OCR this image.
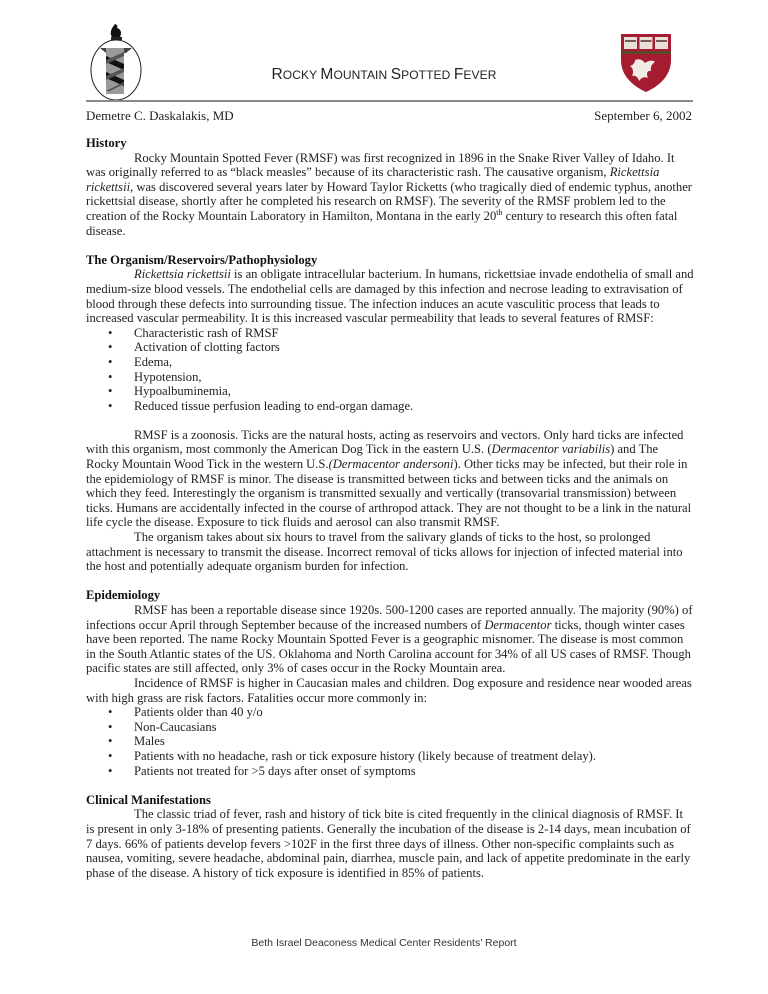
ROCKY MOUNTAIN SPOTTED FEVER
Demetre C. Daskalakis, MD	September 6, 2002
History

Rocky Mountain Spotted Fever (RMSF) was first recognized in 1896 in the Snake River Valley of Idaho. It was originally referred to as “black measles” because of its characteristic rash. The causative organism, Rickettsia rickettsii, was discovered several years later by Howard Taylor Ricketts (who tragically died of endemic typhus, another rickettsial disease, shortly after he completed his research on RMSF). The severity of the RMSF problem led to the creation of the Rocky Mountain Laboratory in Hamilton, Montana in the early 20th century to research this often fatal disease.

The Organism/Reservoirs/Pathophysiology

Rickettsia rickettsii is an obligate intracellular bacterium. In humans, rickettsiae invade endothelia of small and medium-size blood vessels. The endothelial cells are damaged by this infection and necrose leading to extravisation of blood through these defects into surrounding tissue. The infection induces an acute vasculitic process that leads to increased vascular permeability. It is this increased vascular permeability that leads to several features of RMSF:

• Characteristic rash of RMSF
• Activation of clotting factors
• Edema,
• Hypotension,
• Hypoalbuminemia,
• Reduced tissue perfusion leading to end-organ damage.

RMSF is a zoonosis. Ticks are the natural hosts, acting as reservoirs and vectors. Only hard ticks are infected with this organism, most commonly the American Dog Tick in the eastern U.S. (Dermacentor variabilis) and The Rocky Mountain Wood Tick in the western U.S.(Dermacentor andersoni). Other ticks may be infected, but their role in the epidemiology of RMSF is minor. The disease is transmitted between ticks and between ticks and the animals on which they feed. Interestingly the organism is transmitted sexually and vertically (transovarial transmission) between ticks. Humans are accidentally infected in the course of arthropod attack. They are not thought to be a link in the natural life cycle the disease. Exposure to tick fluids and aerosol can also transmit RMSF.

The organism takes about six hours to travel from the salivary glands of ticks to the host, so prolonged attachment is necessary to transmit the disease. Incorrect removal of ticks allows for injection of infected material into the host and potentially adequate organism burden for infection.

Epidemiology

RMSF has been a reportable disease since 1920s. 500-1200 cases are reported annually. The majority (90%) of infections occur April through September because of the increased numbers of Dermacentor ticks, though winter cases have been reported. The name Rocky Mountain Spotted Fever is a geographic misnomer. The disease is most common in the South Atlantic states of the US. Oklahoma and North Carolina account for 34% of all US cases of RMSF. Though pacific states are still affected, only 3% of cases occur in the Rocky Mountain area.

Incidence of RMSF is higher in Caucasian males and children. Dog exposure and residence near wooded areas with high grass are risk factors. Fatalities occur more commonly in:

• Patients older than 40 y/o
• Non-Caucasians
• Males
• Patients with no headache, rash or tick exposure history (likely because of treatment delay).
• Patients not treated for >5 days after onset of symptoms
Clinical Manifestations

The classic triad of fever, rash and history of tick bite is cited frequently in the clinical diagnosis of RMSF. It is present in only 3-18% of presenting patients. Generally the incubation of the disease is 2-14 days, mean incubation of 7 days. 66% of patients develop fevers >102F in the first three days of illness. Other non-specific complaints such as nausea, vomiting, severe headache, abdominal pain, diarrhea, muscle pain, and lack of appetite predominate in the early phase of the disease. A history of tick exposure is identified in 85% of patients.

Beth Israel Deaconess Medical Center Residents’ Report
